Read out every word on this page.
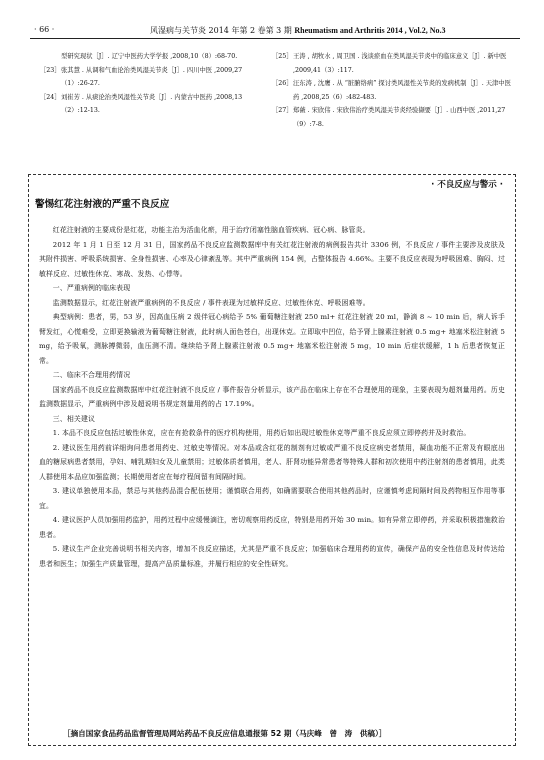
· 66 ·	风湿病与关节炎 2014 年第 2 卷第 3 期 Rheumatism and Arthritis 2014 , Vol.2, No.3
型研究现状［J］. 辽宁中医药大学学报 ,2008,10（8）:68-70.
［23］ 张其慧 . 从调和气血论治类风湿关节炎［J］. 四川中医 ,2009,27（1）:26-27.
［24］ 刘崔芳 . 从痰论治类风湿性关节炎［J］. 内蒙古中医药 ,2008,13（2）:12-13.
［25］ 王涛 , 胡牧水 , 周卫国 . 浅谈瘀血在类风湿关节炎中的临床意义［J］. 新中医 ,2009,41（3）:117.
［26］ 汪东涛 , 沈鹰 . 从 “脏腑络病” 探讨类风湿性关节炎的发病机制［J］. 天津中医药 ,2008,25（6）:482-483.
［27］ 郑薇 . 宋欣伟 . 宋欣伟治疗类风湿关节炎经验撷要［J］. 山西中医 ,2011,27（9）:7-8.
· 不良反应与警示 ·
警惕红花注射液的严重不良反应

红花注射液的主要成份是红花，功能主治为活血化瘀，用于治疗闭塞性脑血管疾病、冠心病、脉管炎。

2012 年 1 月 1 日至 12 月 31 日，国家药品不良反应监测数据库中有关红花注射液的病例报告共计 3306 例，不良反应 / 事件主要涉及皮肤及其附件损害、呼吸系统损害、全身性损害、心率及心律紊乱等。其中严重病例 154 例，占整体报告 4.66%。主要不良反应表现为呼吸困难、胸闷、过敏样反应、过敏性休克、寒战、发热、心悸等。

一、严重病例的临床表现

监测数据显示，红花注射液严重病例的不良反应 / 事件表现为过敏样反应、过敏性休克、呼吸困难等。

典型病例：患者，男，53 岁，因高血压病 2 级伴冠心病给予 5% 葡萄糖注射液 250 ml+ 红花注射液 20 ml，静滴 8 ~ 10 min 后，病人诉手臂发红，心慌难受，立即更换输液为葡萄糖注射液，此时病人面色苍白，出现休克。立即取中凹位，给予肾上腺素注射液 0.5 mg+ 地塞米松注射液 5 mg，给予吸氧，测脉搏微弱，血压测不清。继续给予肾上腺素注射液 0.5 mg+ 地塞米松注射液 5 mg，10 min 后症状缓解，1 h 后患者恢复正常。

二、临床不合理用药情况

国家药品不良反应监测数据库中红花注射液不良反应 / 事件报告分析显示，该产品在临床上存在不合理使用的现象，主要表现为超剂量用药。历史监测数据显示，严重病例中涉及超说明书规定剂量用药的占 17.19%。

三、相关建议

1. 本品不良反应包括过敏性休克，应在有抢救条件的医疗机构使用，用药后如出现过敏性休克等严重不良反应须立即停药并及时救治。

2. 建议医生用药前详细询问患者用药史、过敏史等情况。对本品或含红花的制剂有过敏或严重不良反应病史者禁用，凝血功能不正常及有眼底出血的糖尿病患者禁用，孕妇、哺乳期妇女及儿童禁用；过敏体质者慎用，老人、肝肾功能异常患者等特殊人群和初次使用中药注射剂的患者慎用，此类人群使用本品应加强监测；长期使用者应在每疗程间留有间隔时间。

3. 建议单独使用本品，禁忌与其他药品混合配伍使用；谨慎联合用药，如确需要联合使用其他药品时，应谨慎考虑间隔时间及药物相互作用等事宜。

4. 建议医护人员加强用药监护，用药过程中应缓慢滴注，密切观察用药反应，特别是用药开始 30 min。如有异常立即停药，并采取积极措施救治患者。

5. 建议生产企业完善说明书相关内容，增加不良反应描述，尤其是严重不良反应；加强临床合理用药的宣传，确保产品的安全性信息及时传达给患者和医生；加强生产质量管理，提高产品质量标准，并履行相应的安全性研究。

［摘自国家食品药品监督管理局网站药品不良反应信息通报第 52 期（马庆峰　曾　涛　供稿）］
